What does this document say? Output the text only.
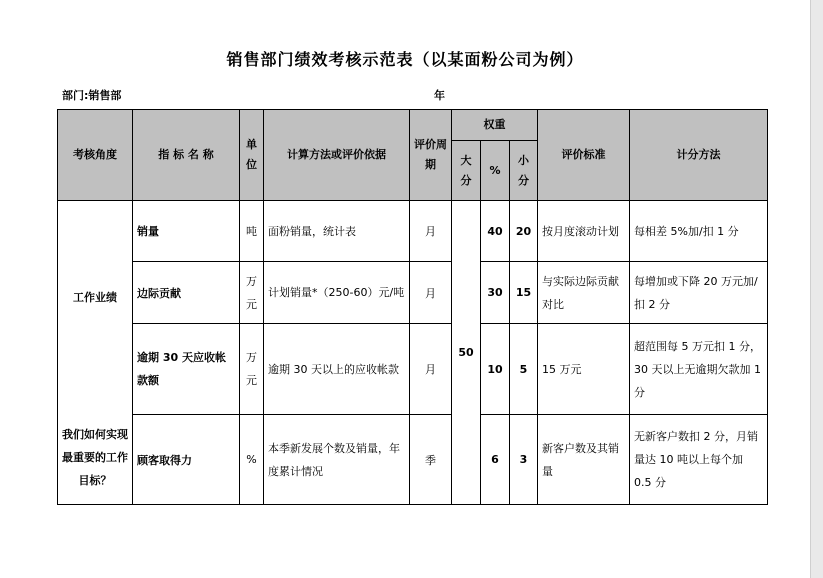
销售部门绩效考核示范表（以某面粉公司为例）
部门:销售部	年
考核角度	指 标 名 称	单位	计算方法或评价依据	评价周期	权重			评价标准	计分方法
					大分	%	小分		
工作业绩
我们如何实现最重要的工作目标？	销量	吨	面粉销量，统计表	月	50	40	20	按月度滚动计划	每相差 5%加/扣 1 分
	边际贡献	万元	计划销量*（250-60）元/吨	月		30	15	与实际边际贡献对比	每增加或下降 20 万元加/扣 2 分
	逾期 30 天应收帐款额	万元	逾期 30 天以上的应收帐款	月		10	5	15 万元	超范围每 5 万元扣 1 分，30 天以上无逾期欠款加 1 分
	顾客取得力	%	本季新发展个数及销量，年度累计情况	季		6	3	新客户数及其销量	无新客户数扣 2 分，月销量达 10 吨以上每个加 0.5 分
